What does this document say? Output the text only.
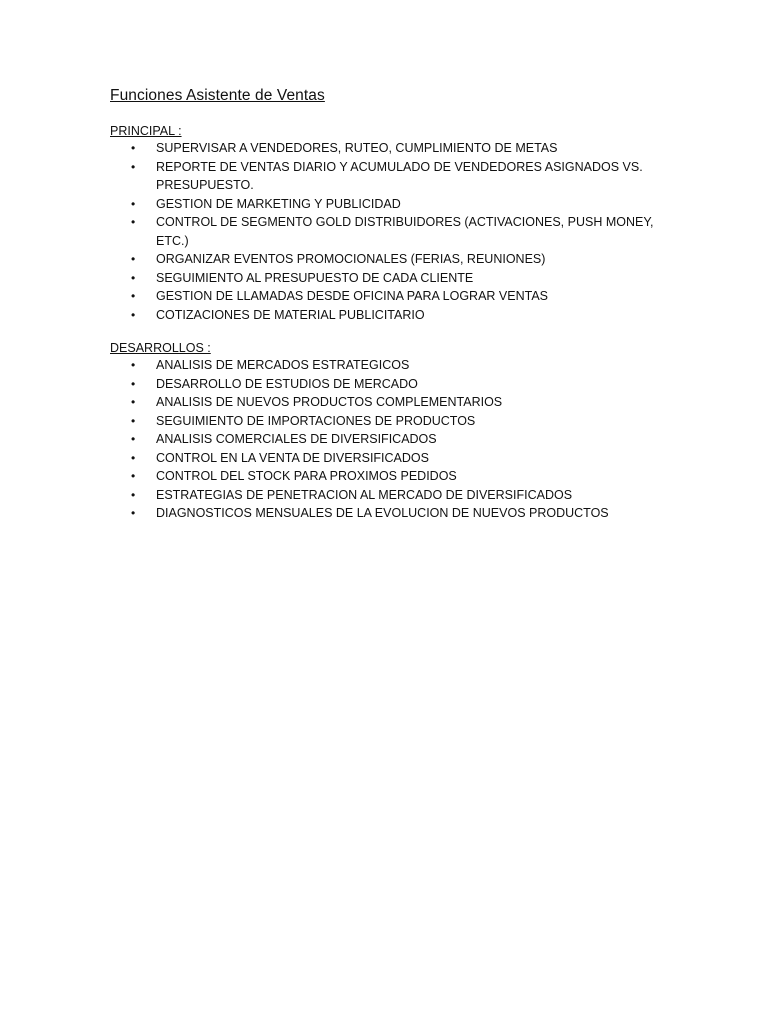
Funciones Asistente de Ventas
PRINCIPAL :
• SUPERVISAR A VENDEDORES, RUTEO, CUMPLIMIENTO DE METAS
• REPORTE DE VENTAS DIARIO Y ACUMULADO DE VENDEDORES ASIGNADOS VS. PRESUPUESTO.
• GESTION DE MARKETING Y PUBLICIDAD
• CONTROL DE SEGMENTO GOLD DISTRIBUIDORES (ACTIVACIONES, PUSH MONEY, ETC.)
• ORGANIZAR EVENTOS PROMOCIONALES (FERIAS, REUNIONES)
• SEGUIMIENTO AL PRESUPUESTO DE CADA CLIENTE
• GESTION DE LLAMADAS DESDE OFICINA PARA LOGRAR VENTAS
• COTIZACIONES DE MATERIAL PUBLICITARIO
DESARROLLOS :
• ANALISIS DE MERCADOS ESTRATEGICOS
• DESARROLLO DE ESTUDIOS DE MERCADO
• ANALISIS DE NUEVOS PRODUCTOS COMPLEMENTARIOS
• SEGUIMIENTO DE IMPORTACIONES DE PRODUCTOS
• ANALISIS COMERCIALES DE DIVERSIFICADOS
• CONTROL EN LA VENTA DE DIVERSIFICADOS
• CONTROL DEL STOCK PARA PROXIMOS PEDIDOS
• ESTRATEGIAS DE PENETRACION AL MERCADO DE DIVERSIFICADOS
• DIAGNOSTICOS MENSUALES DE LA EVOLUCION DE NUEVOS PRODUCTOS
